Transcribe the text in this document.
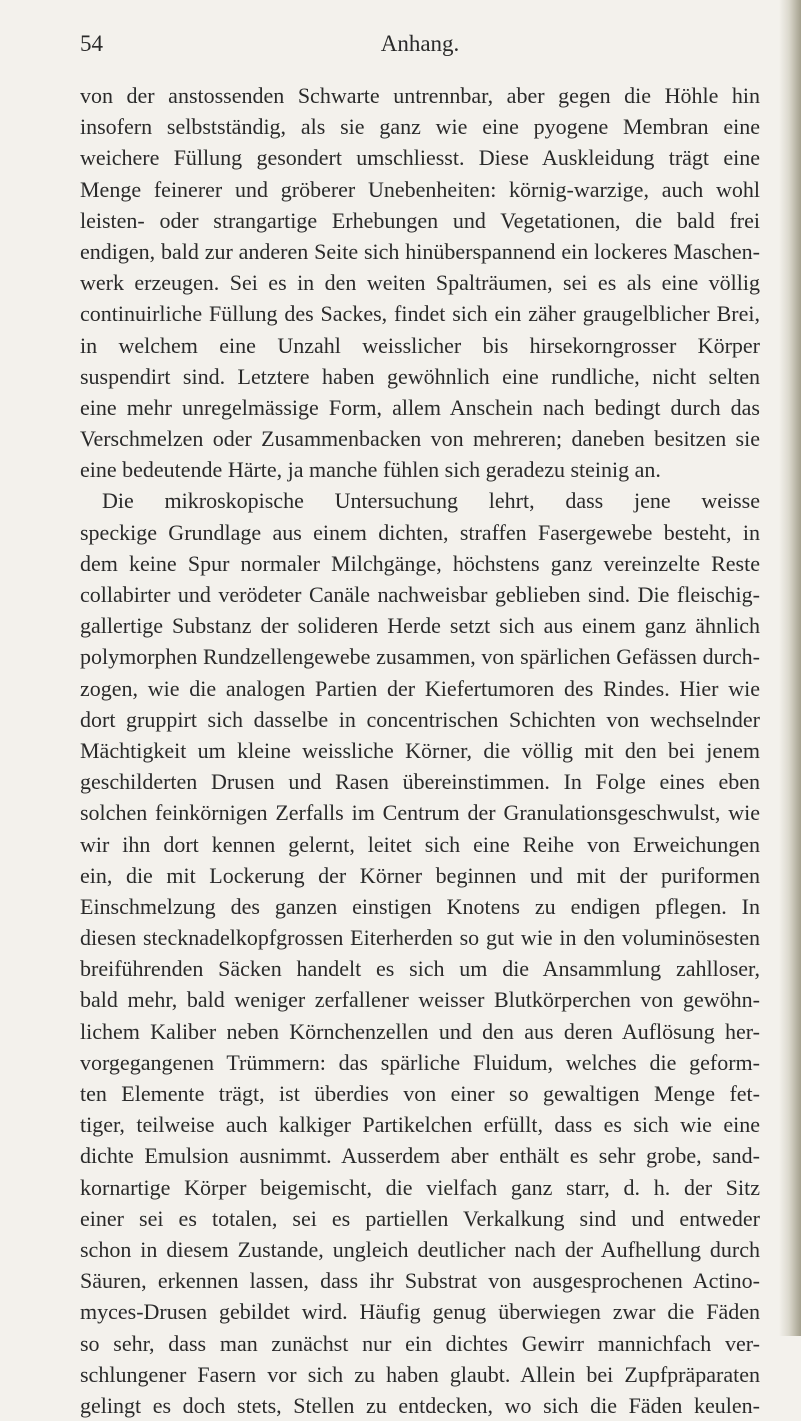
Anhang.
54
von der anstossenden Schwarte untrennbar, aber gegen die Höhle hin
insofern selbstständig, als sie ganz wie eine pyogene Membran eine
weichere Füllung gesondert umschliesst. Diese Auskleidung trägt eine
Menge feinerer und gröberer Unebenheiten: körnig-warzige, auch wohl
leisten- oder strangartige Erhebungen und Vegetationen, die bald frei
endigen, bald zur anderen Seite sich hinüberspannend ein lockeres Maschen-
werk erzeugen. Sei es in den weiten Spalträumen, sei es als eine völlig
continuirliche Füllung des Sackes, findet sich ein zäher graugelblicher Brei,
in welchem eine Unzahl weisslicher bis hirsekorngrosser Körper
suspendirt sind. Letztere haben gewöhnlich eine rundliche, nicht selten
eine mehr unregelmässige Form, allem Anschein nach bedingt durch das
Verschmelzen oder Zusammenbacken von mehreren; daneben besitzen sie
eine bedeutende Härte, ja manche fühlen sich geradezu steinig an.
Die mikroskopische Untersuchung lehrt, dass jene weisse
speckige Grundlage aus einem dichten, straffen Fasergewebe besteht, in
dem keine Spur normaler Milchgänge, höchstens ganz vereinzelte Reste
collabirter und verödeter Canäle nachweisbar geblieben sind. Die fleischig-
gallertige Substanz der solideren Herde setzt sich aus einem ganz ähnlich
polymorphen Rundzellengewebe zusammen, von spärlichen Gefässen durch-
zogen, wie die analogen Partien der Kiefertumoren des Rindes. Hier wie
dort gruppirt sich dasselbe in concentrischen Schichten von wechselnder
Mächtigkeit um kleine weissliche Körner, die völlig mit den bei jenem
geschilderten Drusen und Rasen übereinstimmen. In Folge eines eben
solchen feinkörnigen Zerfalls im Centrum der Granulationsgeschwulst, wie
wir ihn dort kennen gelernt, leitet sich eine Reihe von Erweichungen
ein, die mit Lockerung der Körner beginnen und mit der puriformen
Einschmelzung des ganzen einstigen Knotens zu endigen pflegen. In
diesen stecknadelkopfgrossen Eiterherden so gut wie in den voluminösesten
breiführenden Säcken handelt es sich um die Ansammlung zahlloser,
bald mehr, bald weniger zerfallener weisser Blutkörperchen von gewöhn-
lichem Kaliber neben Körnchenzellen und den aus deren Auflösung her-
vorgegangenen Trümmern: das spärliche Fluidum, welches die geform-
ten Elemente trägt, ist überdies von einer so gewaltigen Menge fet-
tiger, teilweise auch kalkiger Partikelchen erfüllt, dass es sich wie eine
dichte Emulsion ausnimmt. Ausserdem aber enthält es sehr grobe, sand-
kornartige Körper beigemischt, die vielfach ganz starr, d. h. der Sitz
einer sei es totalen, sei es partiellen Verkalkung sind und entweder
schon in diesem Zustande, ungleich deutlicher nach der Aufhellung durch
Säuren, erkennen lassen, dass ihr Substrat von ausgesprochenen Actino-
myces-Drusen gebildet wird. Häufig genug überwiegen zwar die Fäden
so sehr, dass man zunächst nur ein dichtes Gewirr mannichfach ver-
schlungener Fasern vor sich zu haben glaubt. Allein bei Zupfpräparaten
gelingt es doch stets, Stellen zu entdecken, wo sich die Fäden keulen-
